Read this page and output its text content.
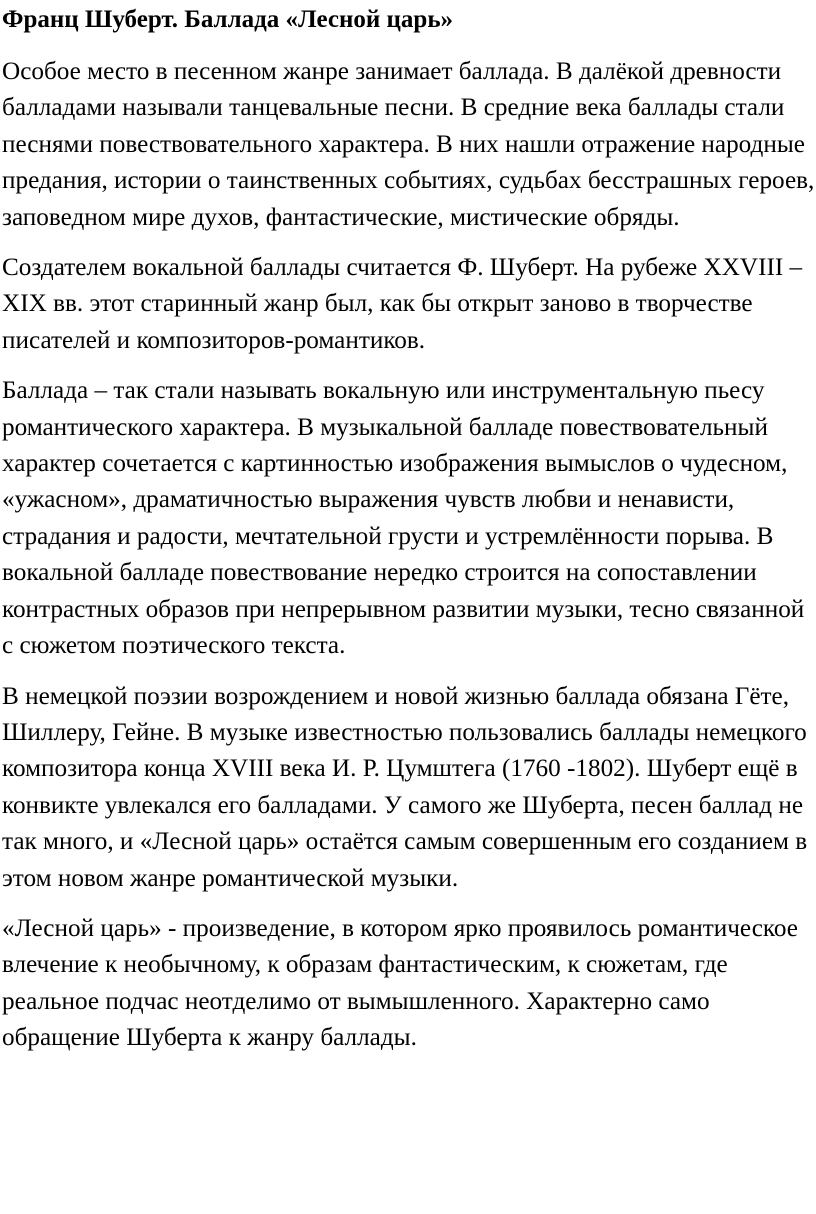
Франц Шуберт. Баллада «Лесной царь»

Особое место в песенном жанре занимает баллада. В далёкой древности балладами называли танцевальные песни. В средние века баллады стали песнями повествовательного характера. В них нашли отражение народные предания, истории о таинственных событиях, судьбах бесстрашных героев, заповедном мире духов, фантастические, мистические обряды.

Создателем вокальной баллады считается Ф. Шуберт. На рубеже XXVIII – XIX вв. этот старинный жанр был, как бы открыт заново в творчестве писателей и композиторов-романтиков.

Баллада – так стали называть вокальную или инструментальную пьесу романтического характера. В музыкальной балладе повествовательный характер сочетается с картинностью изображения вымыслов о чудесном, «ужасном», драматичностью выражения чувств любви и ненависти, страдания и радости, мечтательной грусти и устремлённости порыва. В вокальной балладе повествование нередко строится на сопоставлении контрастных образов при непрерывном развитии музыки, тесно связанной с сюжетом поэтического текста.

В немецкой поэзии возрождением и новой жизнью баллада обязана Гёте, Шиллеру, Гейне. В музыке известностью пользовались баллады немецкого композитора конца XVIII века И. Р. Цумштега (1760 -1802). Шуберт ещё в конвикте увлекался его балладами. У самого же Шуберта, песен баллад не так много, и «Лесной царь» остаётся самым совершенным его созданием в этом новом жанре романтической музыки.

«Лесной царь» - произведение, в котором ярко проявилось романтическое влечение к необычному, к образам фантастическим, к сюжетам, где реальное подчас неотделимо от вымышленного. Характерно само обращение Шуберта к жанру баллады.
